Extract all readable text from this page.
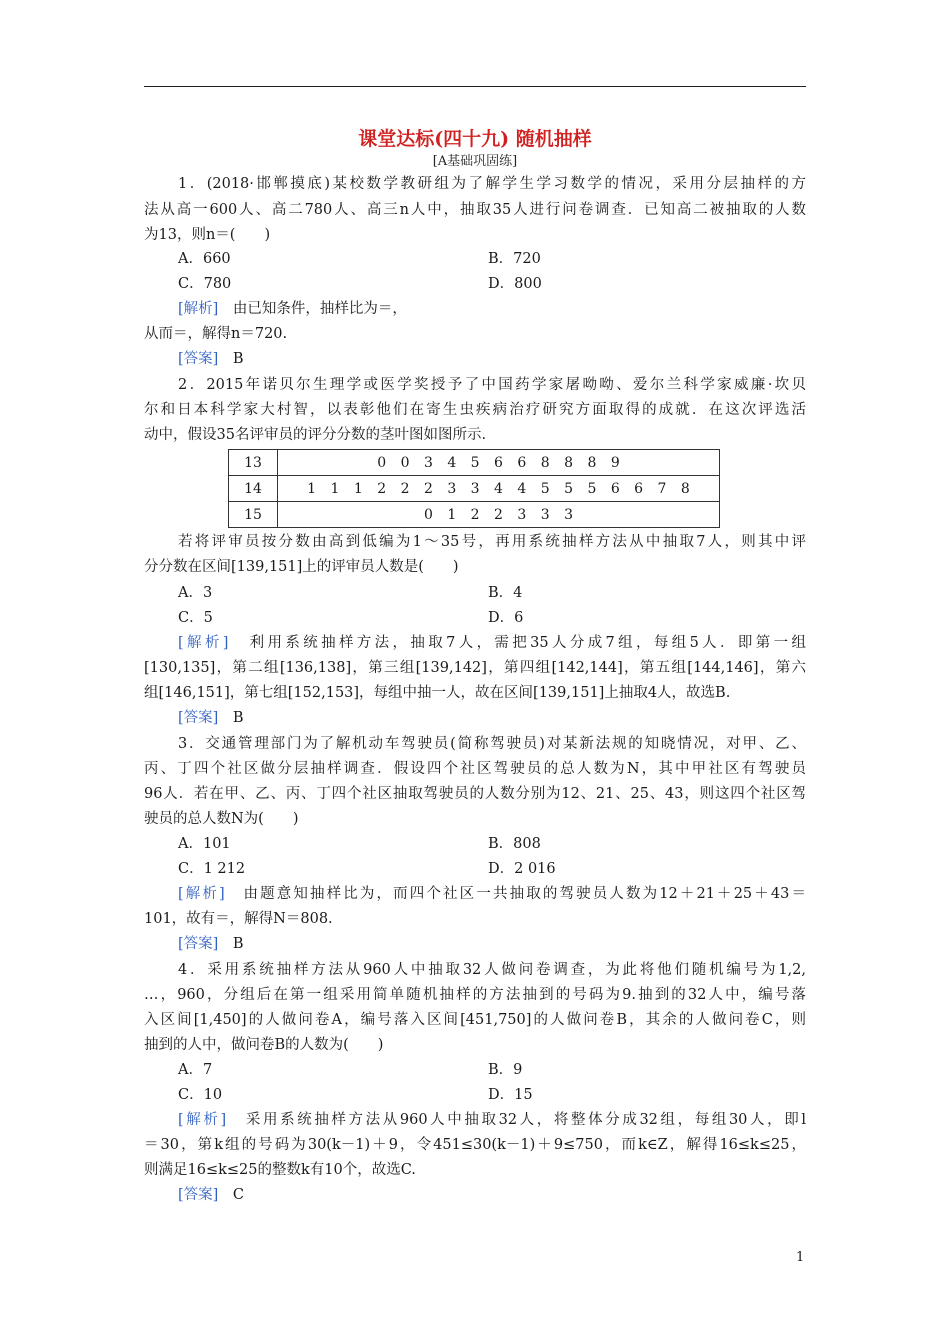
课堂达标(四十九) 随机抽样
[A基础巩固练]
1．(2018·邯郸摸底)某校数学教研组为了解学生学习数学的情况，采用分层抽样的方
法从高一600人、高二780人、高三n人中，抽取35人进行问卷调查．已知高二被抽取的人数
为13，则n＝(　　)
A．660	B．720
C．780	D．800
[解析]　由已知条件，抽样比为＝，
从而＝，解得n＝720.
[答案]　B
2．2015年诺贝尔生理学或医学奖授予了中国药学家屠呦呦、爱尔兰科学家威廉·坎贝
尔和日本科学家大村智，以表彰他们在寄生虫疾病治疗研究方面取得的成就．在这次评选活
动中，假设35名评审员的评分分数的茎叶图如图所示.
13	0 0 3 4 5 6 6 8 8 8 9
14	1 1 1 2 2 2 3 3 4 4 5 5 5 6 6 7 8
15	0 1 2 2 3 3 3
若将评审员按分数由高到低编为1～35号，再用系统抽样方法从中抽取7人，则其中评
分分数在区间[139,151]上的评审员人数是(　　)
A．3	B．4
C．5	D．6
[解析]　利用系统抽样方法，抽取7人，需把35人分成7组，每组5人．即第一组
[130,135]，第二组[136,138]，第三组[139,142]，第四组[142,144]，第五组[144,146]，第六
组[146,151]，第七组[152,153]，每组中抽一人，故在区间[139,151]上抽取4人，故选B.
[答案]　B
3．交通管理部门为了解机动车驾驶员(简称驾驶员)对某新法规的知晓情况，对甲、乙、
丙、丁四个社区做分层抽样调查．假设四个社区驾驶员的总人数为N，其中甲社区有驾驶员
96人．若在甲、乙、丙、丁四个社区抽取驾驶员的人数分别为12、21、25、43，则这四个社区驾
驶员的总人数N为(　　)
A．101	B．808
C．1 212	D．2 016
[解析]　由题意知抽样比为，而四个社区一共抽取的驾驶员人数为12＋21＋25＋43＝
101，故有＝，解得N＝808.
[答案]　B
4．采用系统抽样方法从960人中抽取32人做问卷调查，为此将他们随机编号为1,2,
…，960，分组后在第一组采用简单随机抽样的方法抽到的号码为9.抽到的32人中，编号落
入区间[1,450]的人做问卷A，编号落入区间[451,750]的人做问卷B，其余的人做问卷C，则
抽到的人中，做问卷B的人数为(　　)
A．7	B．9
C．10	D．15
[解析]　采用系统抽样方法从960人中抽取32人，将整体分成32组，每组30人，即l
＝30，第k组的号码为30(k－1)＋9，令451≤30(k－1)＋9≤750，而k∈Z，解得16≤k≤25，
则满足16≤k≤25的整数k有10个，故选C.
[答案]　C
1
